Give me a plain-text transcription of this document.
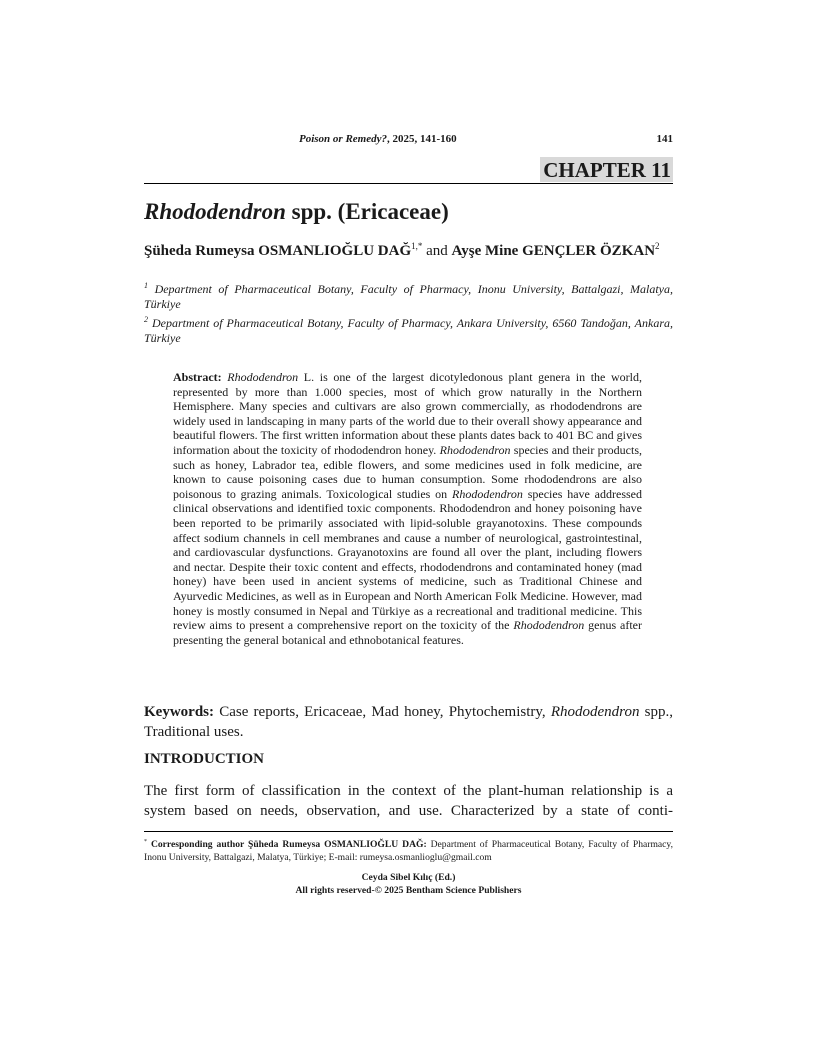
Poison or Remedy?, 2025, 141-160	141
CHAPTER 11
Rhododendron spp. (Ericaceae)
Şüheda Rumeysa OSMANLIOĞLU $DAĞ^{1,*}$ and Ayşe Mine GENÇLER ÖZKAN$^2$
$^1$ Department of Pharmaceutical Botany, Faculty of Pharmacy, Inonu University, Battalgazi, Malatya, Türkiye
$^2$ Department of Pharmaceutical Botany, Faculty of Pharmacy, Ankara University, 6560 Tandoğan, Ankara, Türkiye
Abstract: Rhododendron L. is one of the largest dicotyledonous plant genera in the world, represented by more than 1.000 species, most of which grow naturally in the Northern Hemisphere. Many species and cultivars are also grown commercially, as rhododendrons are widely used in landscaping in many parts of the world due to their overall showy appearance and beautiful flowers. The first written information about these plants dates back to 401 BC and gives information about the toxicity of rhododendron honey. Rhododendron species and their products, such as honey, Labrador tea, edible flowers, and some medicines used in folk medicine, are known to cause poisoning cases due to human consumption. Some rhododendrons are also poisonous to grazing animals. Toxicological studies on Rhododendron species have addressed clinical observations and identified toxic components. Rhododendron and honey poisoning have been reported to be primarily associated with lipid-soluble grayanotoxins. These compounds affect sodium channels in cell membranes and cause a number of neurological, gastrointestinal, and cardiovascular dysfunctions. Grayanotoxins are found all over the plant, including flowers and nectar. Despite their toxic content and effects, rhododendrons and contaminated honey (mad honey) have been used in ancient systems of medicine, such as Traditional Chinese and Ayurvedic Medicines, as well as in European and North American Folk Medicine. However, mad honey is mostly consumed in Nepal and Türkiye as a recreational and traditional medicine. This review aims to present a comprehensive report on the toxicity of the Rhododendron genus after presenting the general botanical and ethnobotanical features.
Keywords: Case reports, Ericaceae, Mad honey, Phytochemistry, Rhododendron spp., Traditional uses.
INTRODUCTION
The first form of classification in the context of the plant-human relationship is a
system based on needs, observation, and use. Characterized by a state of conti-
* Corresponding author Şüheda Rumeysa OSMANLIOĞLU DAĞ: Department of Pharmaceutical Botany, Faculty of Pharmacy, Inonu University, Battalgazi, Malatya, Türkiye; E-mail: rumeysa.osmanlioglu@gmail.com
Ceyda Sibel Kılıç (Ed.)
All rights reserved-© 2025 Bentham Science Publishers
